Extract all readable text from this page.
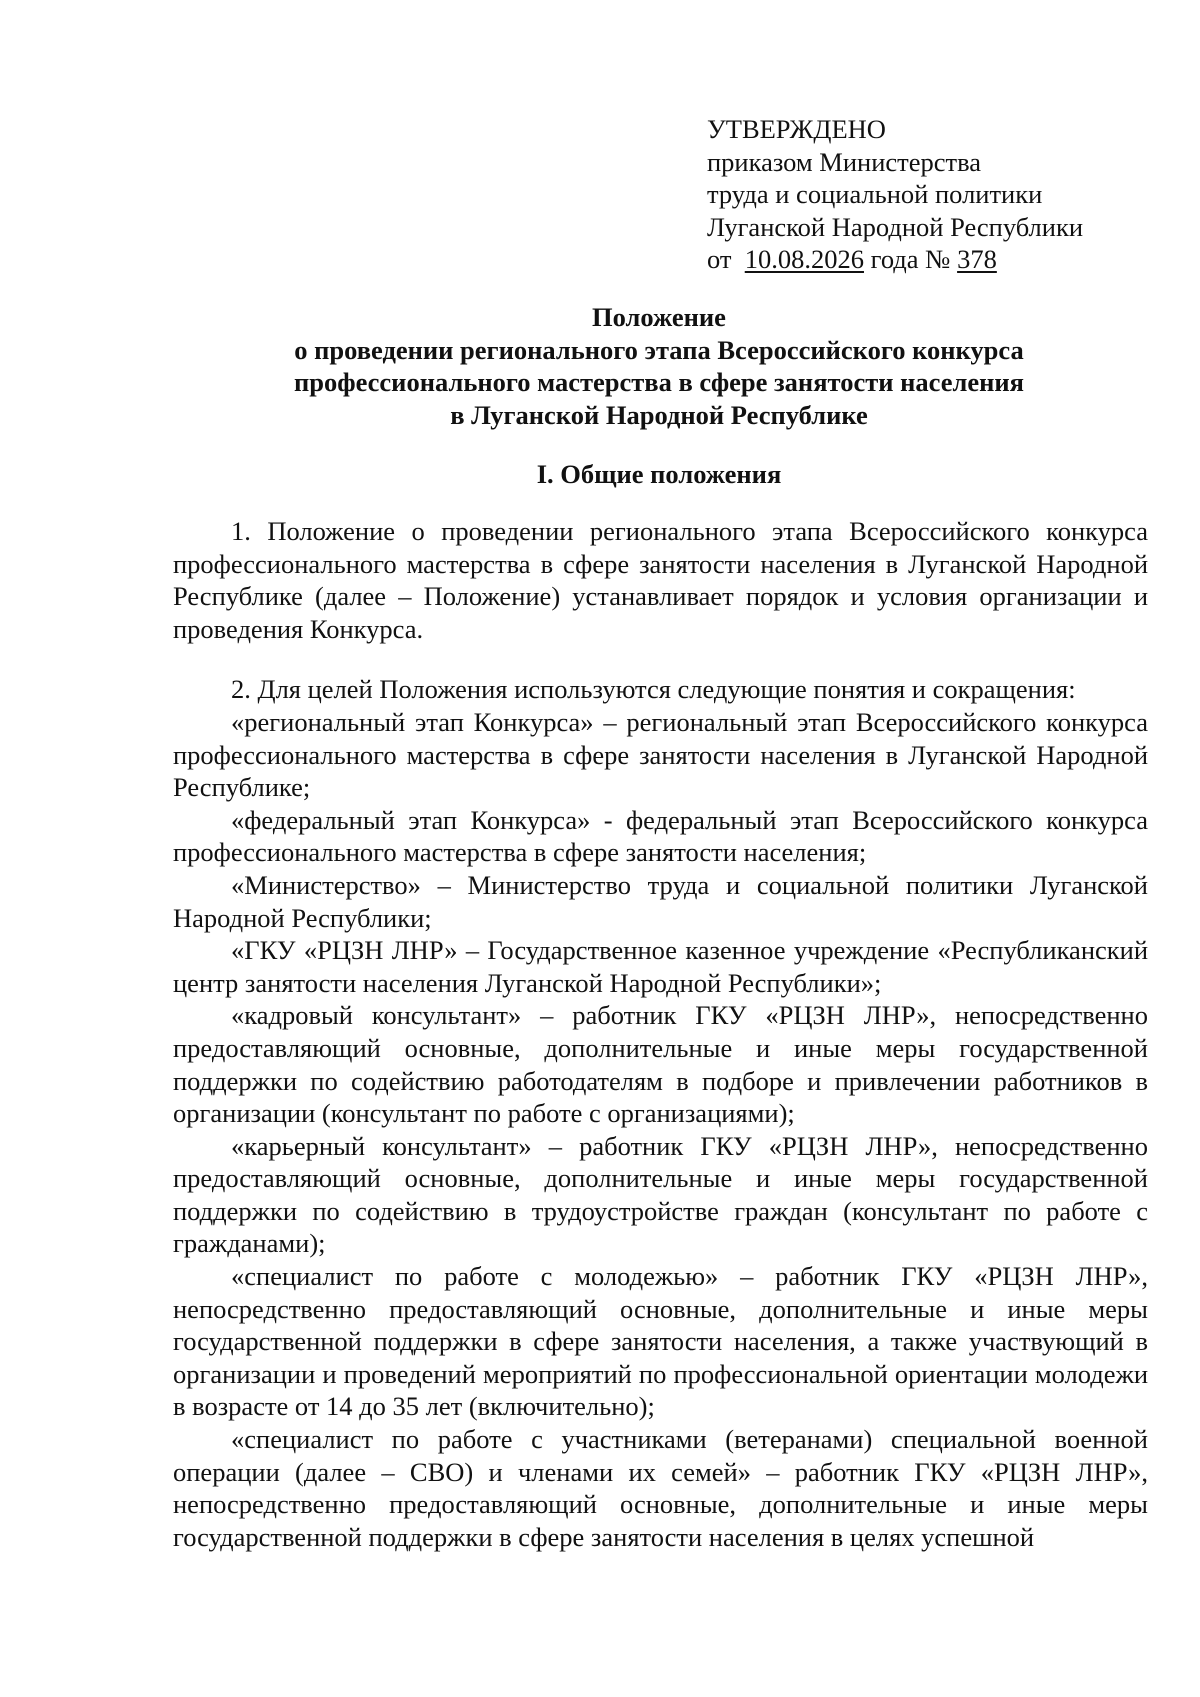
УТВЕРЖДЕНО
приказом Министерства
труда и социальной политики
Луганской Народной Республики
от 10.08.2026 года № 378
Положение
о проведении регионального этапа Всероссийского конкурса
профессионального мастерства в сфере занятости населения
в Луганской Народной Республике
I. Общие положения

1. Положение о проведении регионального этапа Всероссийского конкурса профессионального мастерства в сфере занятости населения в Луганской Народной Республике (далее – Положение) устанавливает порядок и условия организации и проведения Конкурса.

2. Для целей Положения используются следующие понятия и сокращения:

«региональный этап Конкурса» – региональный этап Всероссийского конкурса профессионального мастерства в сфере занятости населения в Луганской Народной Республике;

«федеральный этап Конкурса» - федеральный этап Всероссийского конкурса профессионального мастерства в сфере занятости населения;

«Министерство» – Министерство труда и социальной политики Луганской Народной Республики;

«ГКУ «РЦЗН ЛНР» – Государственное казенное учреждение «Республиканский центр занятости населения Луганской Народной Республики»;

«кадровый консультант» – работник ГКУ «РЦЗН ЛНР», непосредственно предоставляющий основные, дополнительные и иные меры государственной поддержки по содействию работодателям в подборе и привлечении работников в организации (консультант по работе с организациями);

«карьерный консультант» – работник ГКУ «РЦЗН ЛНР», непосредственно предоставляющий основные, дополнительные и иные меры государственной поддержки по содействию в трудоустройстве граждан (консультант по работе с гражданами);

«специалист по работе с молодежью» – работник ГКУ «РЦЗН ЛНР», непосредственно предоставляющий основные, дополнительные и иные меры государственной поддержки в сфере занятости населения, а также участвующий в организации и проведений мероприятий по профессиональной ориентации молодежи в возрасте от 14 до 35 лет (включительно);

«специалист по работе с участниками (ветеранами) специальной военной операции (далее – СВО) и членами их семей» – работник ГКУ «РЦЗН ЛНР», непосредственно предоставляющий основные, дополнительные и иные меры государственной поддержки в сфере занятости населения в целях успешной
